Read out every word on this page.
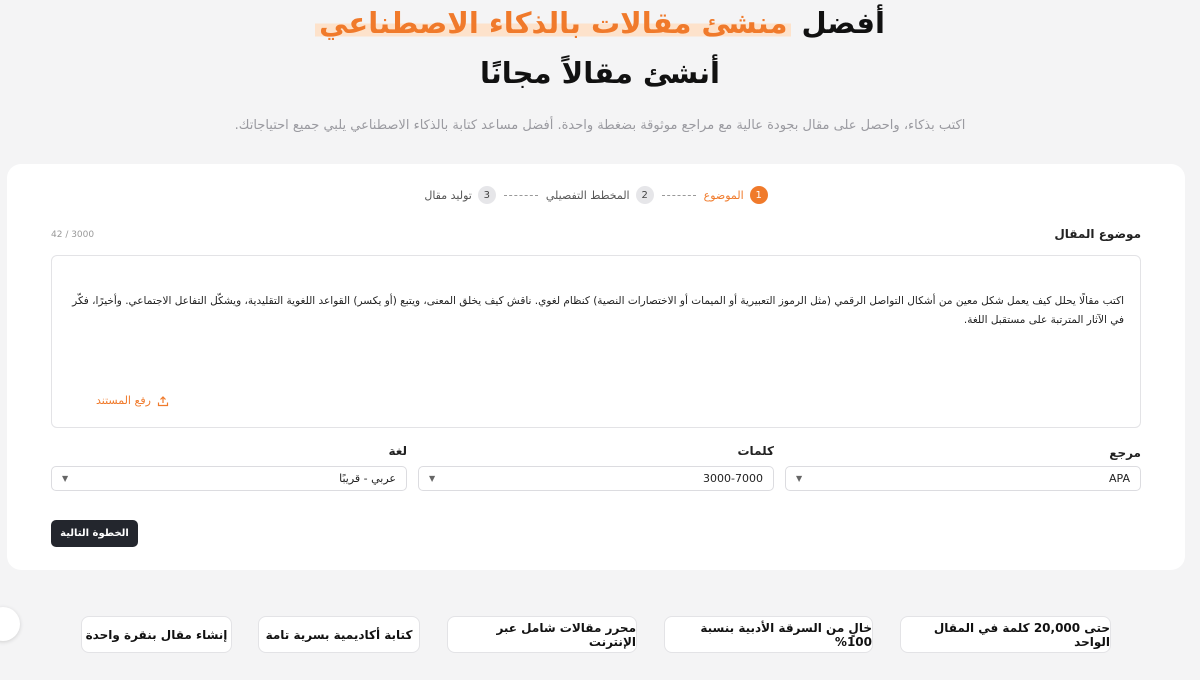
أفضل منشئ مقالات بالذكاء الاصطناعي
أنشئ مقالاً مجانًا
اكتب بذكاء، واحصل على مقال بجودة عالية مع مراجع موثوقة بضغطة واحدة. أفضل مساعد كتابة بالذكاء الاصطناعي يلبي جميع احتياجاتك.
1
الموضوع
2
المخطط التفصيلي
3
توليد مقال
موضوع المقال
42 / 3000
اكتب مقالًا يحلل كيف يعمل شكل معين من أشكال التواصل الرقمي (مثل الرموز التعبيرية أو الميمات أو الاختصارات النصية) كنظام لغوي. ناقش كيف يخلق المعنى، ويتبع (أو يكسر) القواعد اللغوية التقليدية، ويشكّل التفاعل الاجتماعي. وأخيرًا، فكّر في الآثار المترتبة على مستقبل اللغة.
رفع المستند
مرجع
كلمات
لغة
APA
▼
3000-7000
▼
عربي - قريبًا
▼
الخطوة التالية
حتى 20,000 كلمة في المقال الواحد
خالٍ من السرقة الأدبية بنسبة 100%
محرر مقالات شامل عبر الإنترنت
كتابة أكاديمية بسرية تامة
إنشاء مقال بنقرة واحدة
